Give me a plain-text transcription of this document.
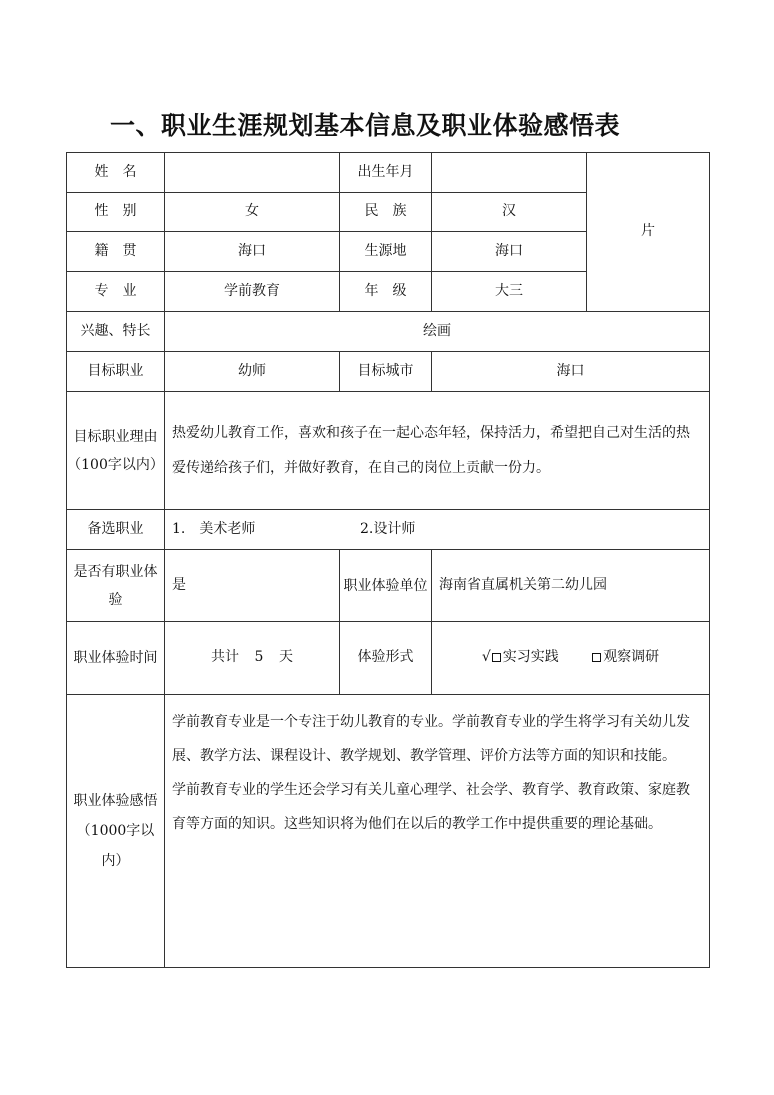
一、职业生涯规划基本信息及职业体验感悟表
姓　名		出生年月		片
性　别	女	民　族	汉	
籍　贯	海口	生源地	海口	
专　业	学前教育	年　级	大三	
兴趣、特长	绘画			
目标职业	幼师	目标城市	海口	
目标职业理由（100字以内）	热爱幼儿教育工作，喜欢和孩子在一起心态年轻，保持活力，希望把自己对生活的热爱传递给孩子们，并做好教育，在自己的岗位上贡献一份力。			
备选职业	1.　美术老师 2.设计师			
是否有职业体验	是	职业体验单位	海南省直属机关第二幼儿园	
职业体验时间	共计 5 天	体验形式	√ 实习实践 观察调研	
职业体验感悟（1000字以内）	学前教育专业是一个专注于幼儿教育的专业。学前教育专业的学生将学习有关幼儿发展、教学方法、课程设计、教学规划、教学管理、评价方法等方面的知识和技能。

学前教育专业的学生还会学习有关儿童心理学、社会学、教育学、教育政策、家庭教育等方面的知识。这些知识将为他们在以后的教学工作中提供重要的理论基础。			
